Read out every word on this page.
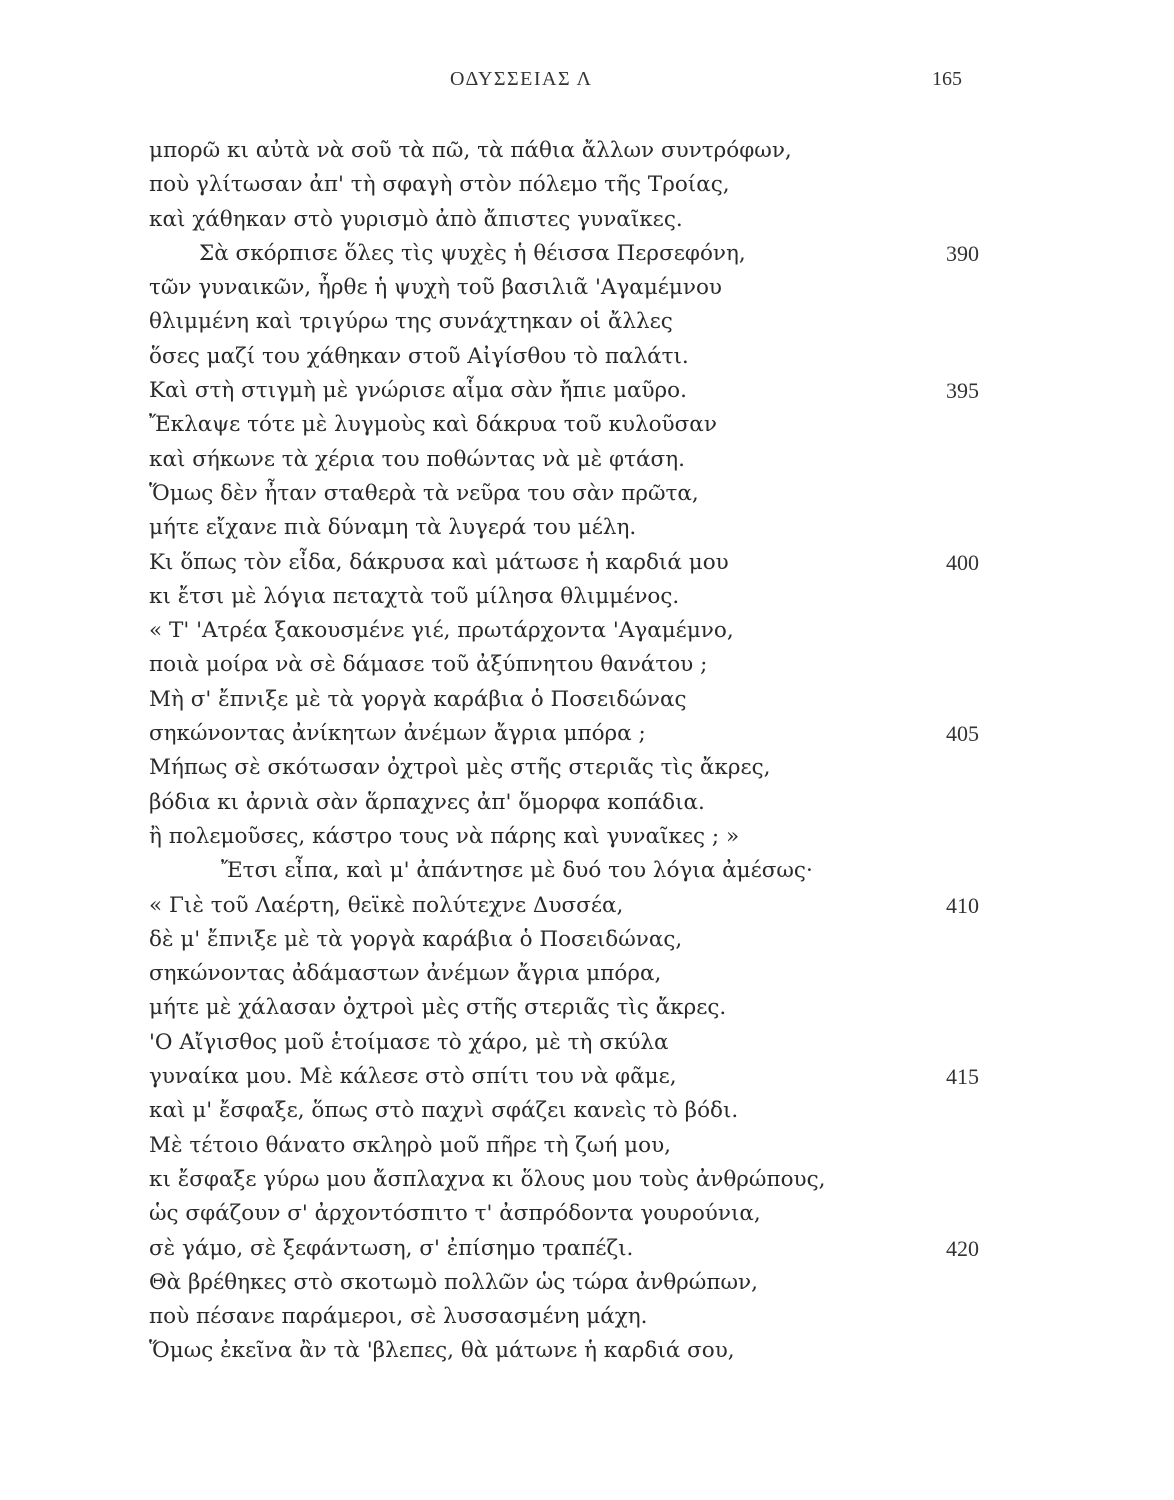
ΟΔΥΣΣΕΙΑΣ Λ	165
μπορῶ κι αὐτὰ νὰ σοῦ τὰ πῶ, τὰ πάθια ἄλλων συντρόφων,
ποὺ γλίτωσαν ἀπ' τὴ σφαγὴ στὸν πόλεμο τῆς Τροίας,
καὶ χάθηκαν στὸ γυρισμὸ ἀπὸ ἄπιστες γυναῖκες.
Σὰ σκόρπισε ὅλες τὶς ψυχὲς ἡ θέισσα Περσεφόνη,	390
τῶν γυναικῶν, ἦρθε ἡ ψυχὴ τοῦ βασιλιᾶ 'Αγαμέμνου
θλιμμένη καὶ τριγύρω της συνάχτηκαν οἱ ἄλλες
ὅσες μαζί του χάθηκαν στοῦ Αἰγίσθου τὸ παλάτι.
Καὶ στὴ στιγμὴ μὲ γνώρισε αἷμα σὰν ἤπιε μαῦρο.	395
Ἔκλαψε τότε μὲ λυγμοὺς καὶ δάκρυα τοῦ κυλοῦσαν
καὶ σήκωνε τὰ χέρια του ποθώντας νὰ μὲ φτάση.
Ὅμως δὲν ἦταν σταθερὰ τὰ νεῦρα του σὰν πρῶτα,
μήτε εἴχανε πιὰ δύναμη τὰ λυγερά του μέλη.
Κι ὅπως τὸν εἶδα, δάκρυσα καὶ μάτωσε ἡ καρδιά μου	400
κι ἔτσι μὲ λόγια πεταχτὰ τοῦ μίλησα θλιμμένος.
« Τ' 'Ατρέα ξακουσμένε γιέ, πρωτάρχοντα 'Αγαμέμνο,
ποιὰ μοίρα νὰ σὲ δάμασε τοῦ ἀξύπνητου θανάτου ;
Μὴ σ' ἔπνιξε μὲ τὰ γοργὰ καράβια ὁ Ποσειδώνας
σηκώνοντας ἀνίκητων ἀνέμων ἄγρια μπόρα ;	405
Μήπως σὲ σκότωσαν ὀχτροὶ μὲς στῆς στεριᾶς τὶς ἄκρες,
βόδια κι ἀρνιὰ σὰν ἅρπαχνες ἀπ' ὅμορφα κοπάδια.
ἢ πολεμοῦσες, κάστρο τους νὰ πάρης καὶ γυναῖκες ; »
Ἔτσι εἶπα, καὶ μ' ἀπάντησε μὲ δυό του λόγια ἀμέσως·
« Γιὲ τοῦ Λαέρτη, θεϊκὲ πολύτεχνε Δυσσέα,	410
δὲ μ' ἔπνιξε μὲ τὰ γοργὰ καράβια ὁ Ποσειδώνας,
σηκώνοντας ἀδάμαστων ἀνέμων ἄγρια μπόρα,
μήτε μὲ χάλασαν ὀχτροὶ μὲς στῆς στεριᾶς τὶς ἄκρες.
'Ο Αἴγισθος μοῦ ἑτοίμασε τὸ χάρο, μὲ τὴ σκύλα
γυναίκα μου. Μὲ κάλεσε στὸ σπίτι του νὰ φᾶμε,	415
καὶ μ' ἔσφαξε, ὅπως στὸ παχνὶ σφάζει κανεὶς τὸ βόδι.
Μὲ τέτοιο θάνατο σκληρὸ μοῦ πῆρε τὴ ζωή μου,
κι ἔσφαξε γύρω μου ἄσπλαχνα κι ὅλους μου τοὺς ἀνθρώπους,
ὡς σφάζουν σ' ἀρχοντόσπιτο τ' ἀσπρόδοντα γουρούνια,
σὲ γάμο, σὲ ξεφάντωση, σ' ἐπίσημο τραπέζι.	420
Θὰ βρέθηκες στὸ σκοτωμὸ πολλῶν ὡς τώρα ἀνθρώπων,
ποὺ πέσανε παράμεροι, σὲ λυσσασμένη μάχη.
Ὅμως ἐκεῖνα ἂν τὰ 'βλεπες, θὰ μάτωνε ἡ καρδιά σου,
